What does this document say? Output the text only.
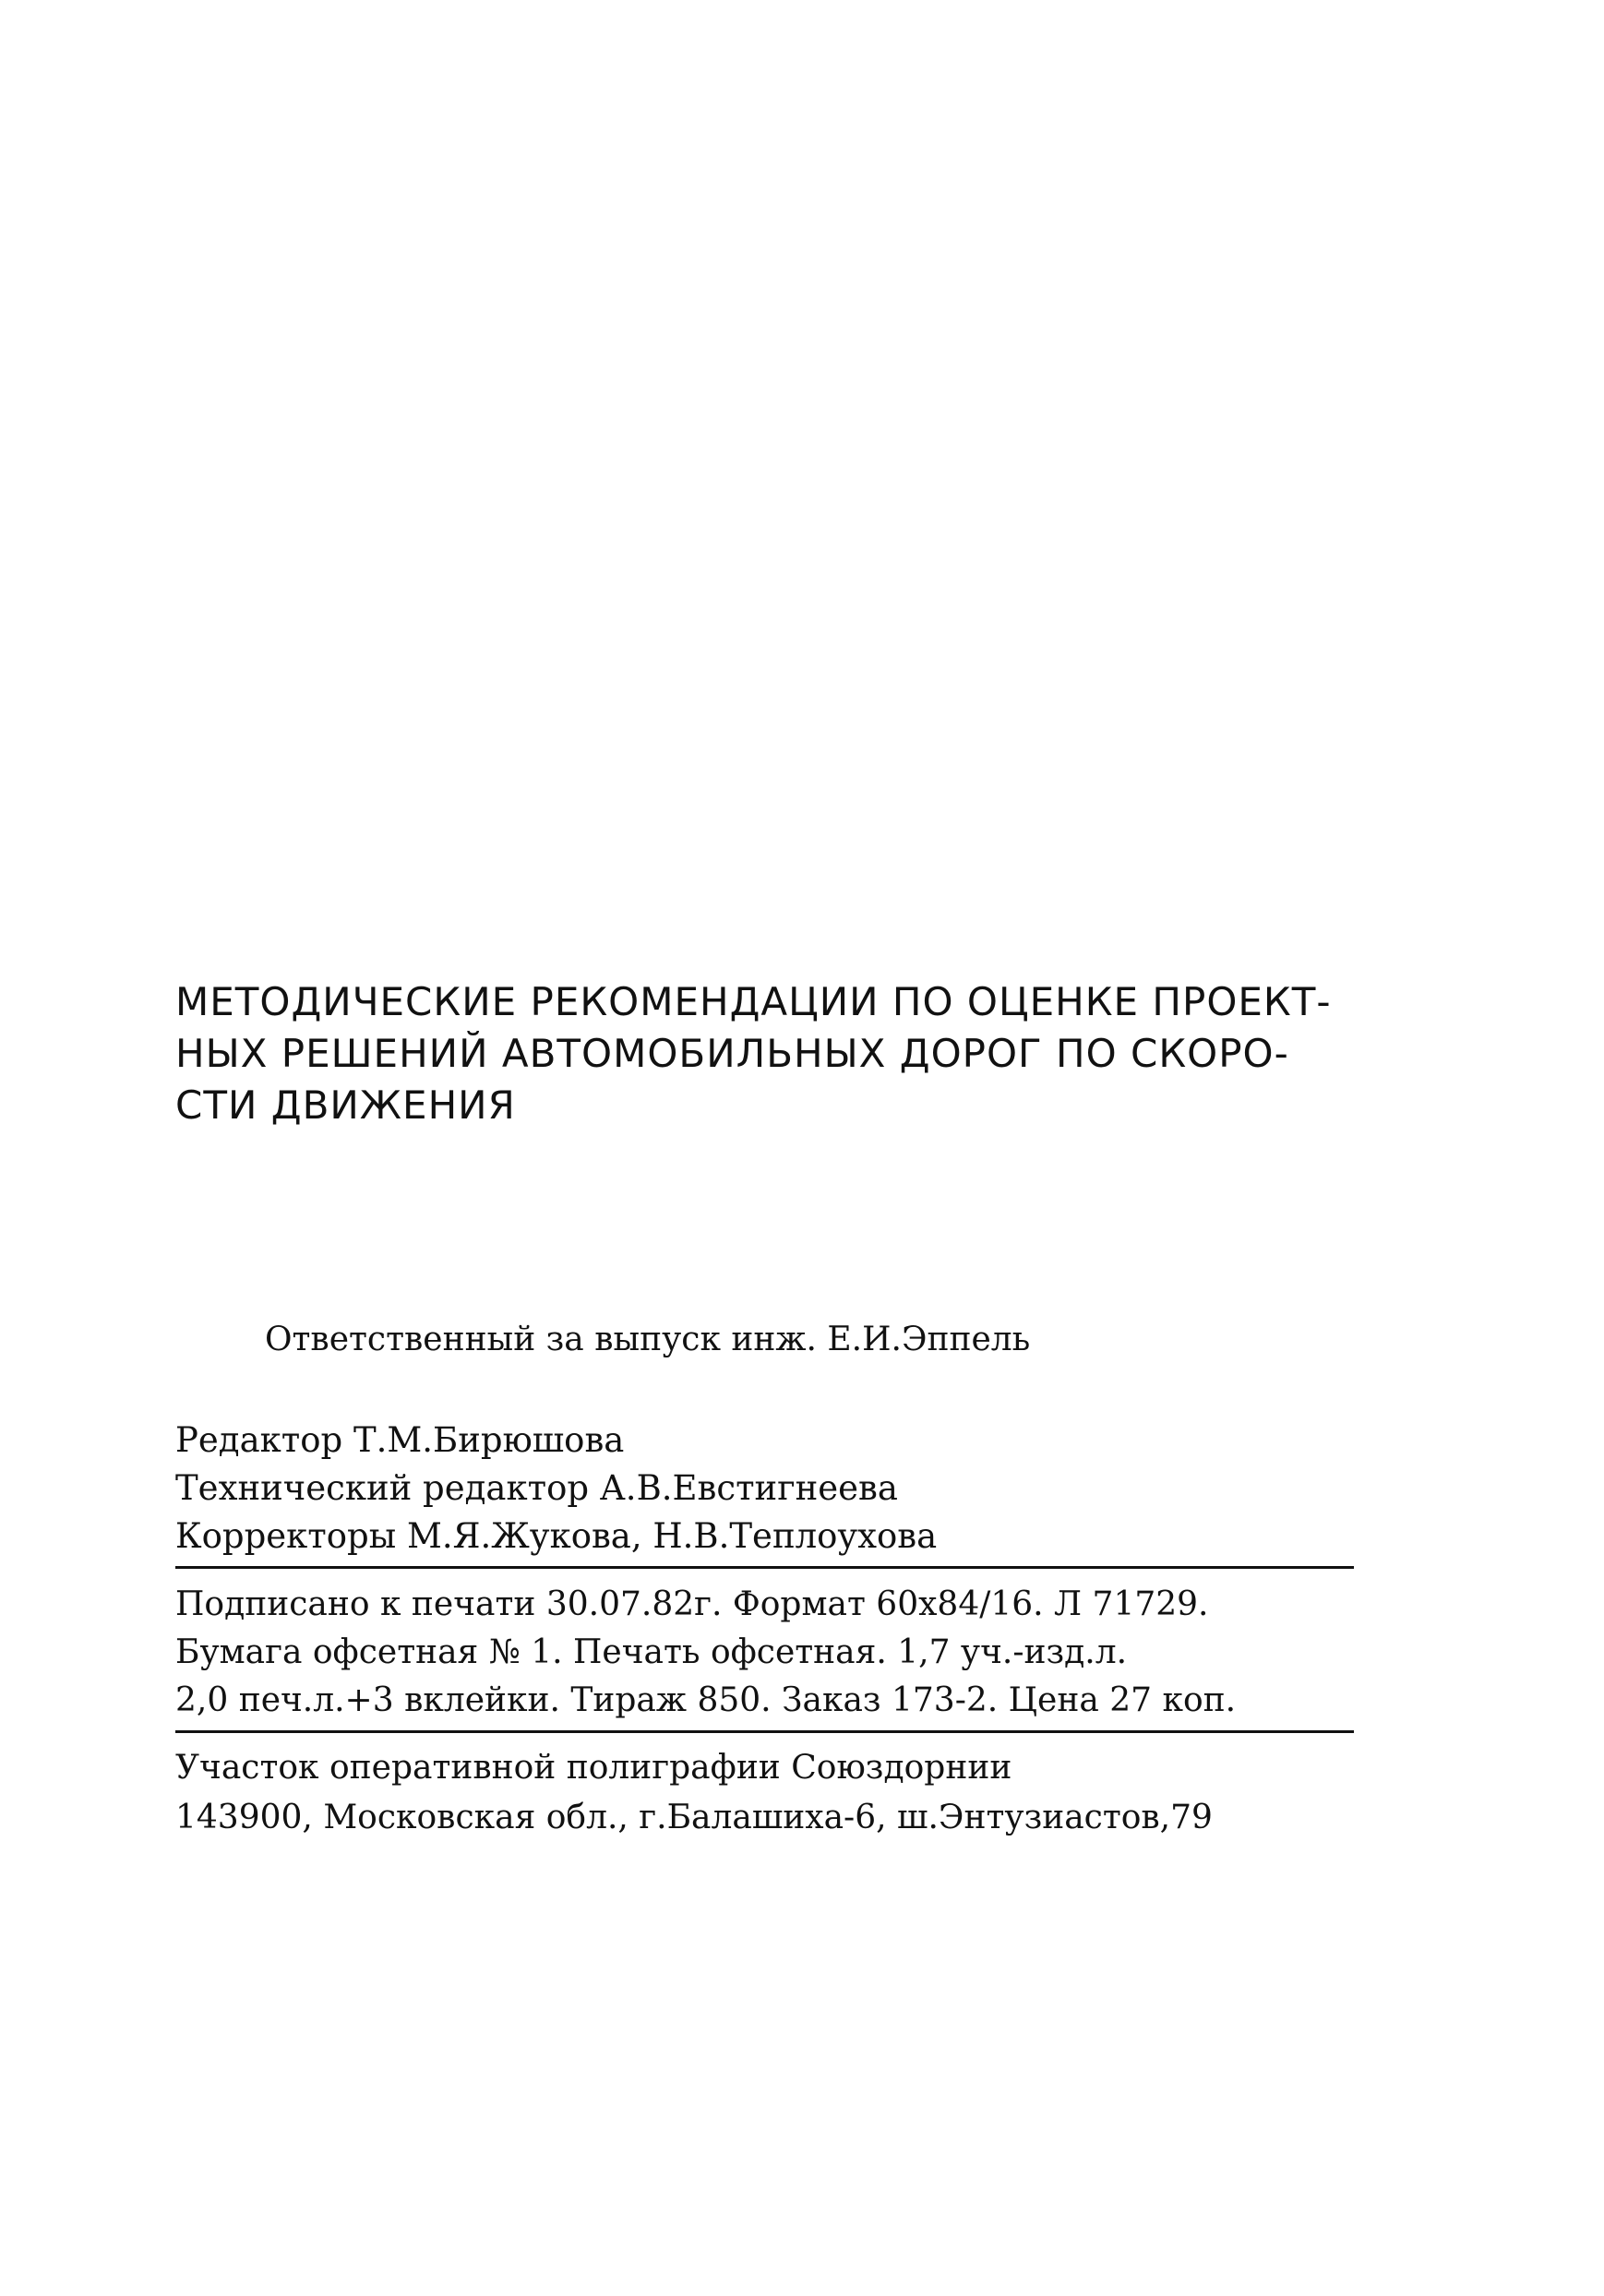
МЕТОДИЧЕСКИЕ РЕКОМЕНДАЦИИ ПО ОЦЕНКЕ ПРОЕКТ-
НЫХ РЕШЕНИЙ АВТОМОБИЛЬНЫХ ДОРОГ ПО СКОРО-
СТИ ДВИЖЕНИЯ
Ответственный за выпуск инж. Е.И.Эппель
Редактор Т.М.Бирюшова
Технический редактор А.В.Евстигнеева
Корректоры М.Я.Жукова, Н.В.Теплоухова
Подписано к печати 30.07.82г. Формат 60x84/16. Л 71729.
Бумага офсетная № 1. Печать офсетная. 1,7 уч.-изд.л.
2,0 печ.л.+3 вклейки. Тираж 850. Заказ 173-2. Цена 27 коп.
Участок оперативной полиграфии Союздорнии
143900, Московская обл., г.Балашиха-6, ш.Энтузиастов,79
